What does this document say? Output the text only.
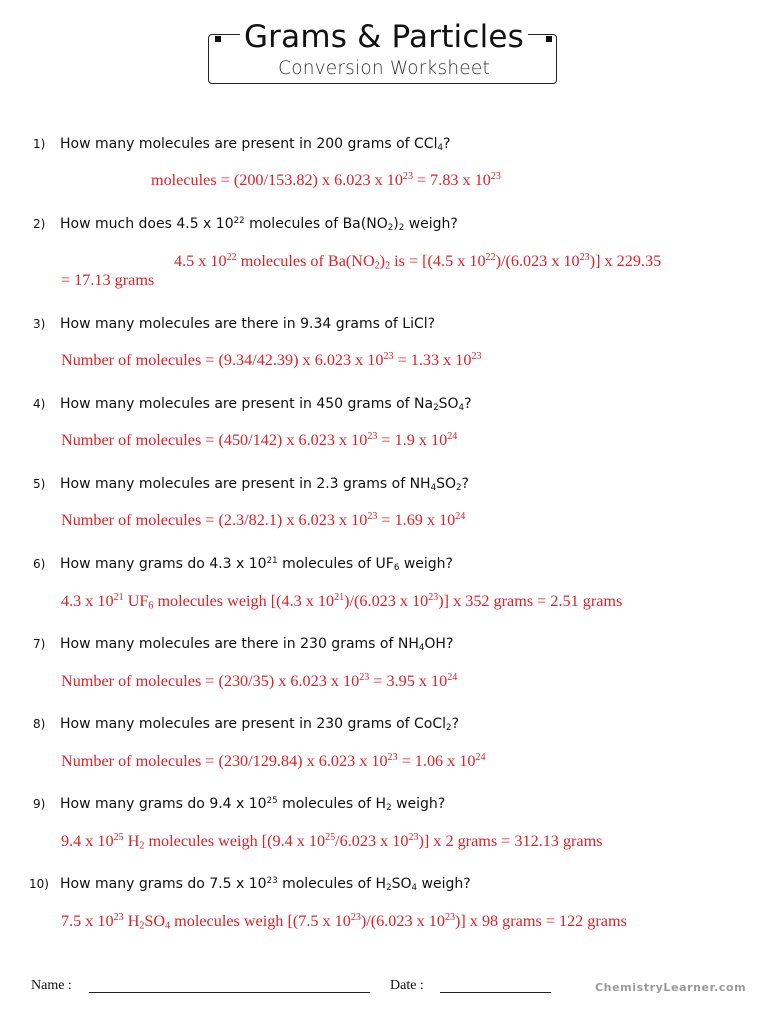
Grams & Particles
Conversion Worksheet
1) How many molecules are present in 200 grams of CCl$_4$?
molecules = (200/153.82) x 6.023 x $10^{23} = 7.83$ x $10^{23}$
2) How much does 4.5 x $10^{22}$ molecules of $Ba(NO_2)_2$ weigh?
4.5 x $10^{22}$ molecules of $Ba(NO_2)_2$ is = [(4.5 x $10^{22})/(6.023$ x $10^{23}$)] x 229.35
= 17.13 grams
3) How many molecules are there in 9.34 grams of LiCl?
Number of molecules = (9.34/42.39) x 6.023 x $10^{23} = 1.33$ x $10^{23}$
4) How many molecules are present in 450 grams of $Na_2SO_4$?
Number of molecules = (450/142) x 6.023 x $10^{23} = 1.9$ x $10^{24}$
5) How many molecules are present in 2.3 grams of $NH_4SO_2$?
Number of molecules = (2.3/82.1) x 6.023 x $10^{23} = 1.69$ x $10^{24}$
6) How many grams do 4.3 x $10^{21}$ molecules of $UF_6$ weigh?
4.3 x $10^{21}$ $UF_6$ molecules weigh [(4.3 x $10^{21})/(6.023$ x $10^{23}$)] x 352 grams = 2.51 grams
7) How many molecules are there in 230 grams of $NH_4OH$?
Number of molecules = (230/35) x 6.023 x $10^{23} = 3.95$ x $10^{24}$
8) How many molecules are present in 230 grams of CoCl$_2$?
Number of molecules = (230/129.84) x 6.023 x $10^{23} = 1.06$ x $10^{24}$
9) How many grams do 9.4 x $10^{25}$ molecules of $H_2$ weigh?
9.4 x $10^{25}$ $H_2$ molecules weigh [(9.4 x $10^{25}/6.023$ x $10^{23}$)] x 2 grams = 312.13 grams
10) How many grams do 7.5 x $10^{23}$ molecules of $H_2SO_4$ weigh?
7.5 x $10^{23}$ $H_2SO_4$ molecules weigh [(7.5 x $10^{23})/(6.023$ x $10^{23}$)] x 98 grams = 122 grams
Name :	Date :	ChemistryLearner.com
